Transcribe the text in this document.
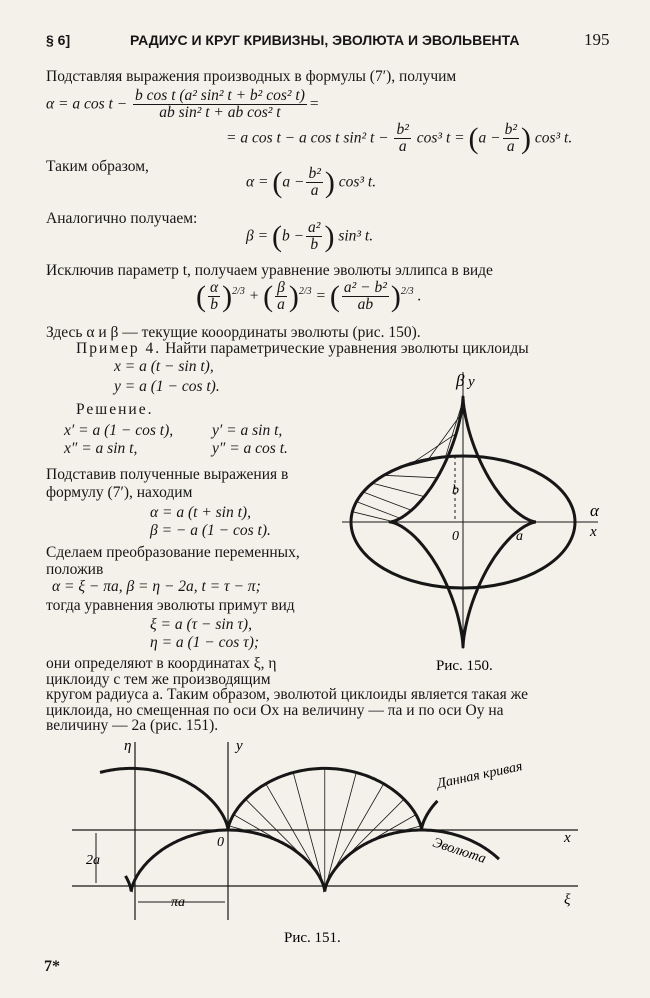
§ 6]	РАДИУС И КРУГ КРИВИЗНЫ, ЭВОЛЮТА И ЭВОЛЬВЕНТА	195
Подставляя выражения производных в формулы (7′), получим
α = a $\cos t - \frac{\text{b cos t (a² sin² t + b² cos² t)}}{\text{ab sin² t + ab cos² t}}$ =
= a cos t − a cos t sin² $t - \frac{\text{b²}}{a} \cos^3$ $t = (a - \frac{\text{b²}}{a}$ ) cos³ t.
Таким образом,
$\alpha = (a - \frac{\text{b²}}{a}$ ) cos³ t.
Аналогично получаем:
$\beta = (b - \frac{\text{a²}}{b}$ ) sin³ t.
Исключив параметр t, получаем уравнение эволюты эллипса в виде
( $\frac{\alpha}{b} )^{2/3}$ + ( $\frac{\beta}{a} )^{2/3}$ = ( $\frac{\text{a² − b²}}{ab} )^{2/3}$ .
Здесь α и β — текущие кооординаты эволюты (рис. 150).
Пример 4. Найти параметрические уравнения эволюты циклоиды
x = a (t − sin t),
y = a (1 − cos t).
Решение.
x′ = a (1 − cos t),	y′ = a sin t,
x″ = a sin t,	y″ = a cos t.
Подставив полученные выражения в
формулу (7′), находим
α = a (t + sin t),
β = − a (1 − cos t).
Сделаем преобразование переменных,
положив
α = ξ − πa, β = η − 2a, t = τ − π;
тогда уравнения эволюты примут вид
ξ = a (τ − sin τ),
η = a (1 − cos τ);
они определяют в координатах ξ, η
циклоиду с тем же производящим
кругом радиуса a. Таким образом, эволютой циклоиды является такая же
циклоида, но смещенная по оси Ox на величину — πa и по оси Oy на
величину — 2a (рис. 151).
β y
α
x
b
0	a
Рис. 150.
η	y
x
ξ
0
2a
πa
Данная кривая
Эволюта
Рис. 151.
7*
